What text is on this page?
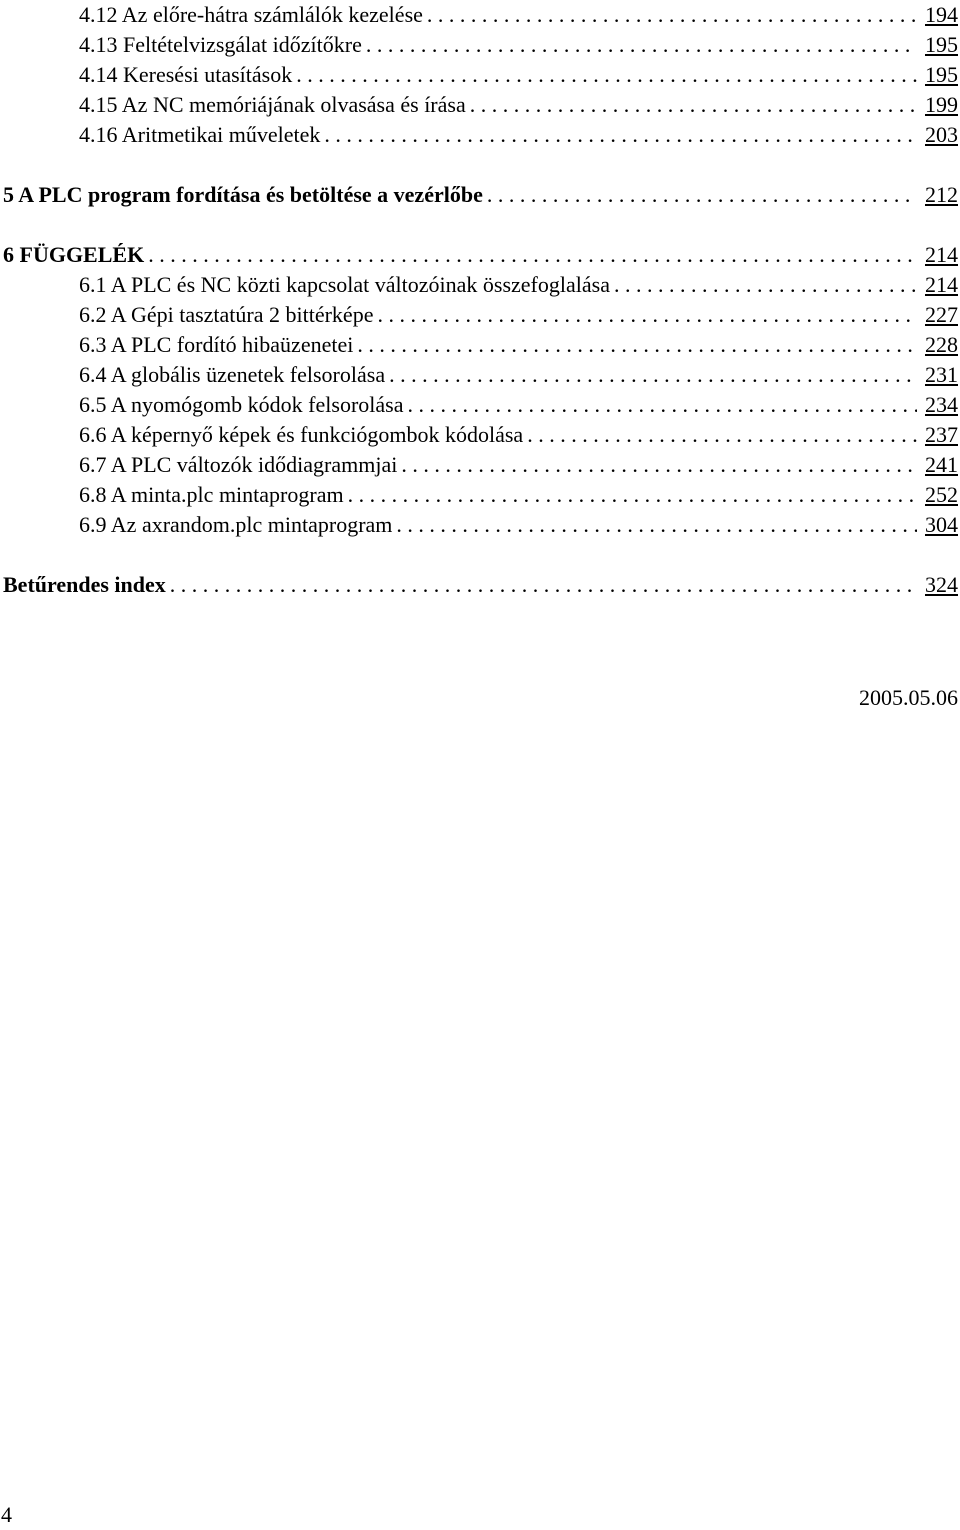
4.12 Az előre-hátra számlálók kezelése . . .	194
4.13 Feltételvizsgálat időzítőkre . . .	195
4.14 Keresési utasítások . . .	195
4.15 Az NC memóriájának olvasása és írása . . .	199
4.16 Aritmetikai műveletek . . .	203
5 A PLC program fordítása és betöltése a vezérlőbe . . .	212
6 FÜGGELÉK . . .	214
6.1 A PLC és NC közti kapcsolat változóinak összefoglalása . . .	214
6.2 A Gépi tasztatúra 2 bittérképe . . .	227
6.3 A PLC fordító hibaüzenetei . . .	228
6.4 A globális üzenetek felsorolása . . .	231
6.5 A nyomógomb kódok felsorolása . . .	234
6.6 A képernyő képek és funkciógombok kódolása . . .	237
6.7 A PLC változók idődiagrammjai . . .	241
6.8 A minta.plc mintaprogram . . .	252
6.9 Az axrandom.plc mintaprogram . . .	304
Betűrendes index . . .	324
2005.05.06
4
